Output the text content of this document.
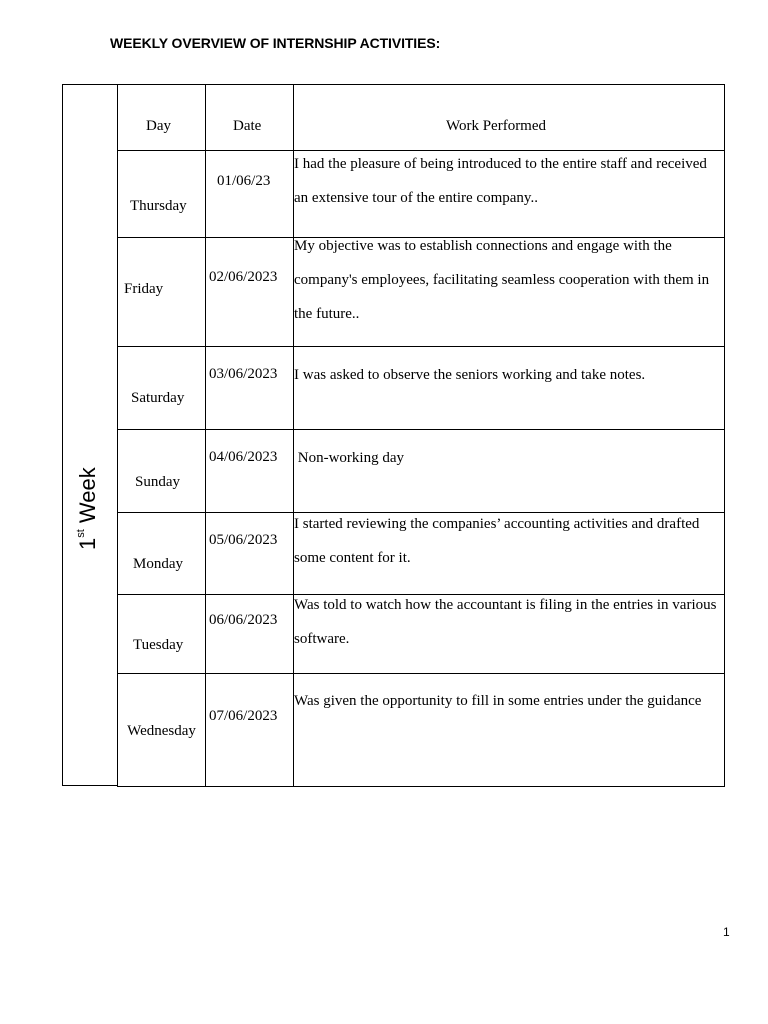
WEEKLY OVERVIEW OF INTERNSHIP ACTIVITIES:
1st Week
Day	Date	Work Performed
Thursday
01/06/23
I had the pleasure of being introduced to the entire staff and received an extensive tour of the entire company..
Friday
02/06/2023
My objective was to establish connections and engage with the company's employees, facilitating seamless cooperation with them in the future..
Saturday
03/06/2023 I was asked to observe the seniors working and take notes.
Sunday
04/06/2023 Non-working day
Monday
05/06/2023
I started reviewing the companies’ accounting activities and drafted some content for it.
Tuesday
06/06/2023
Was told to watch how the accountant is filing in the entries in various software.
Wednesday
07/06/2023
Was given the opportunity to fill in some entries under the guidance
1
